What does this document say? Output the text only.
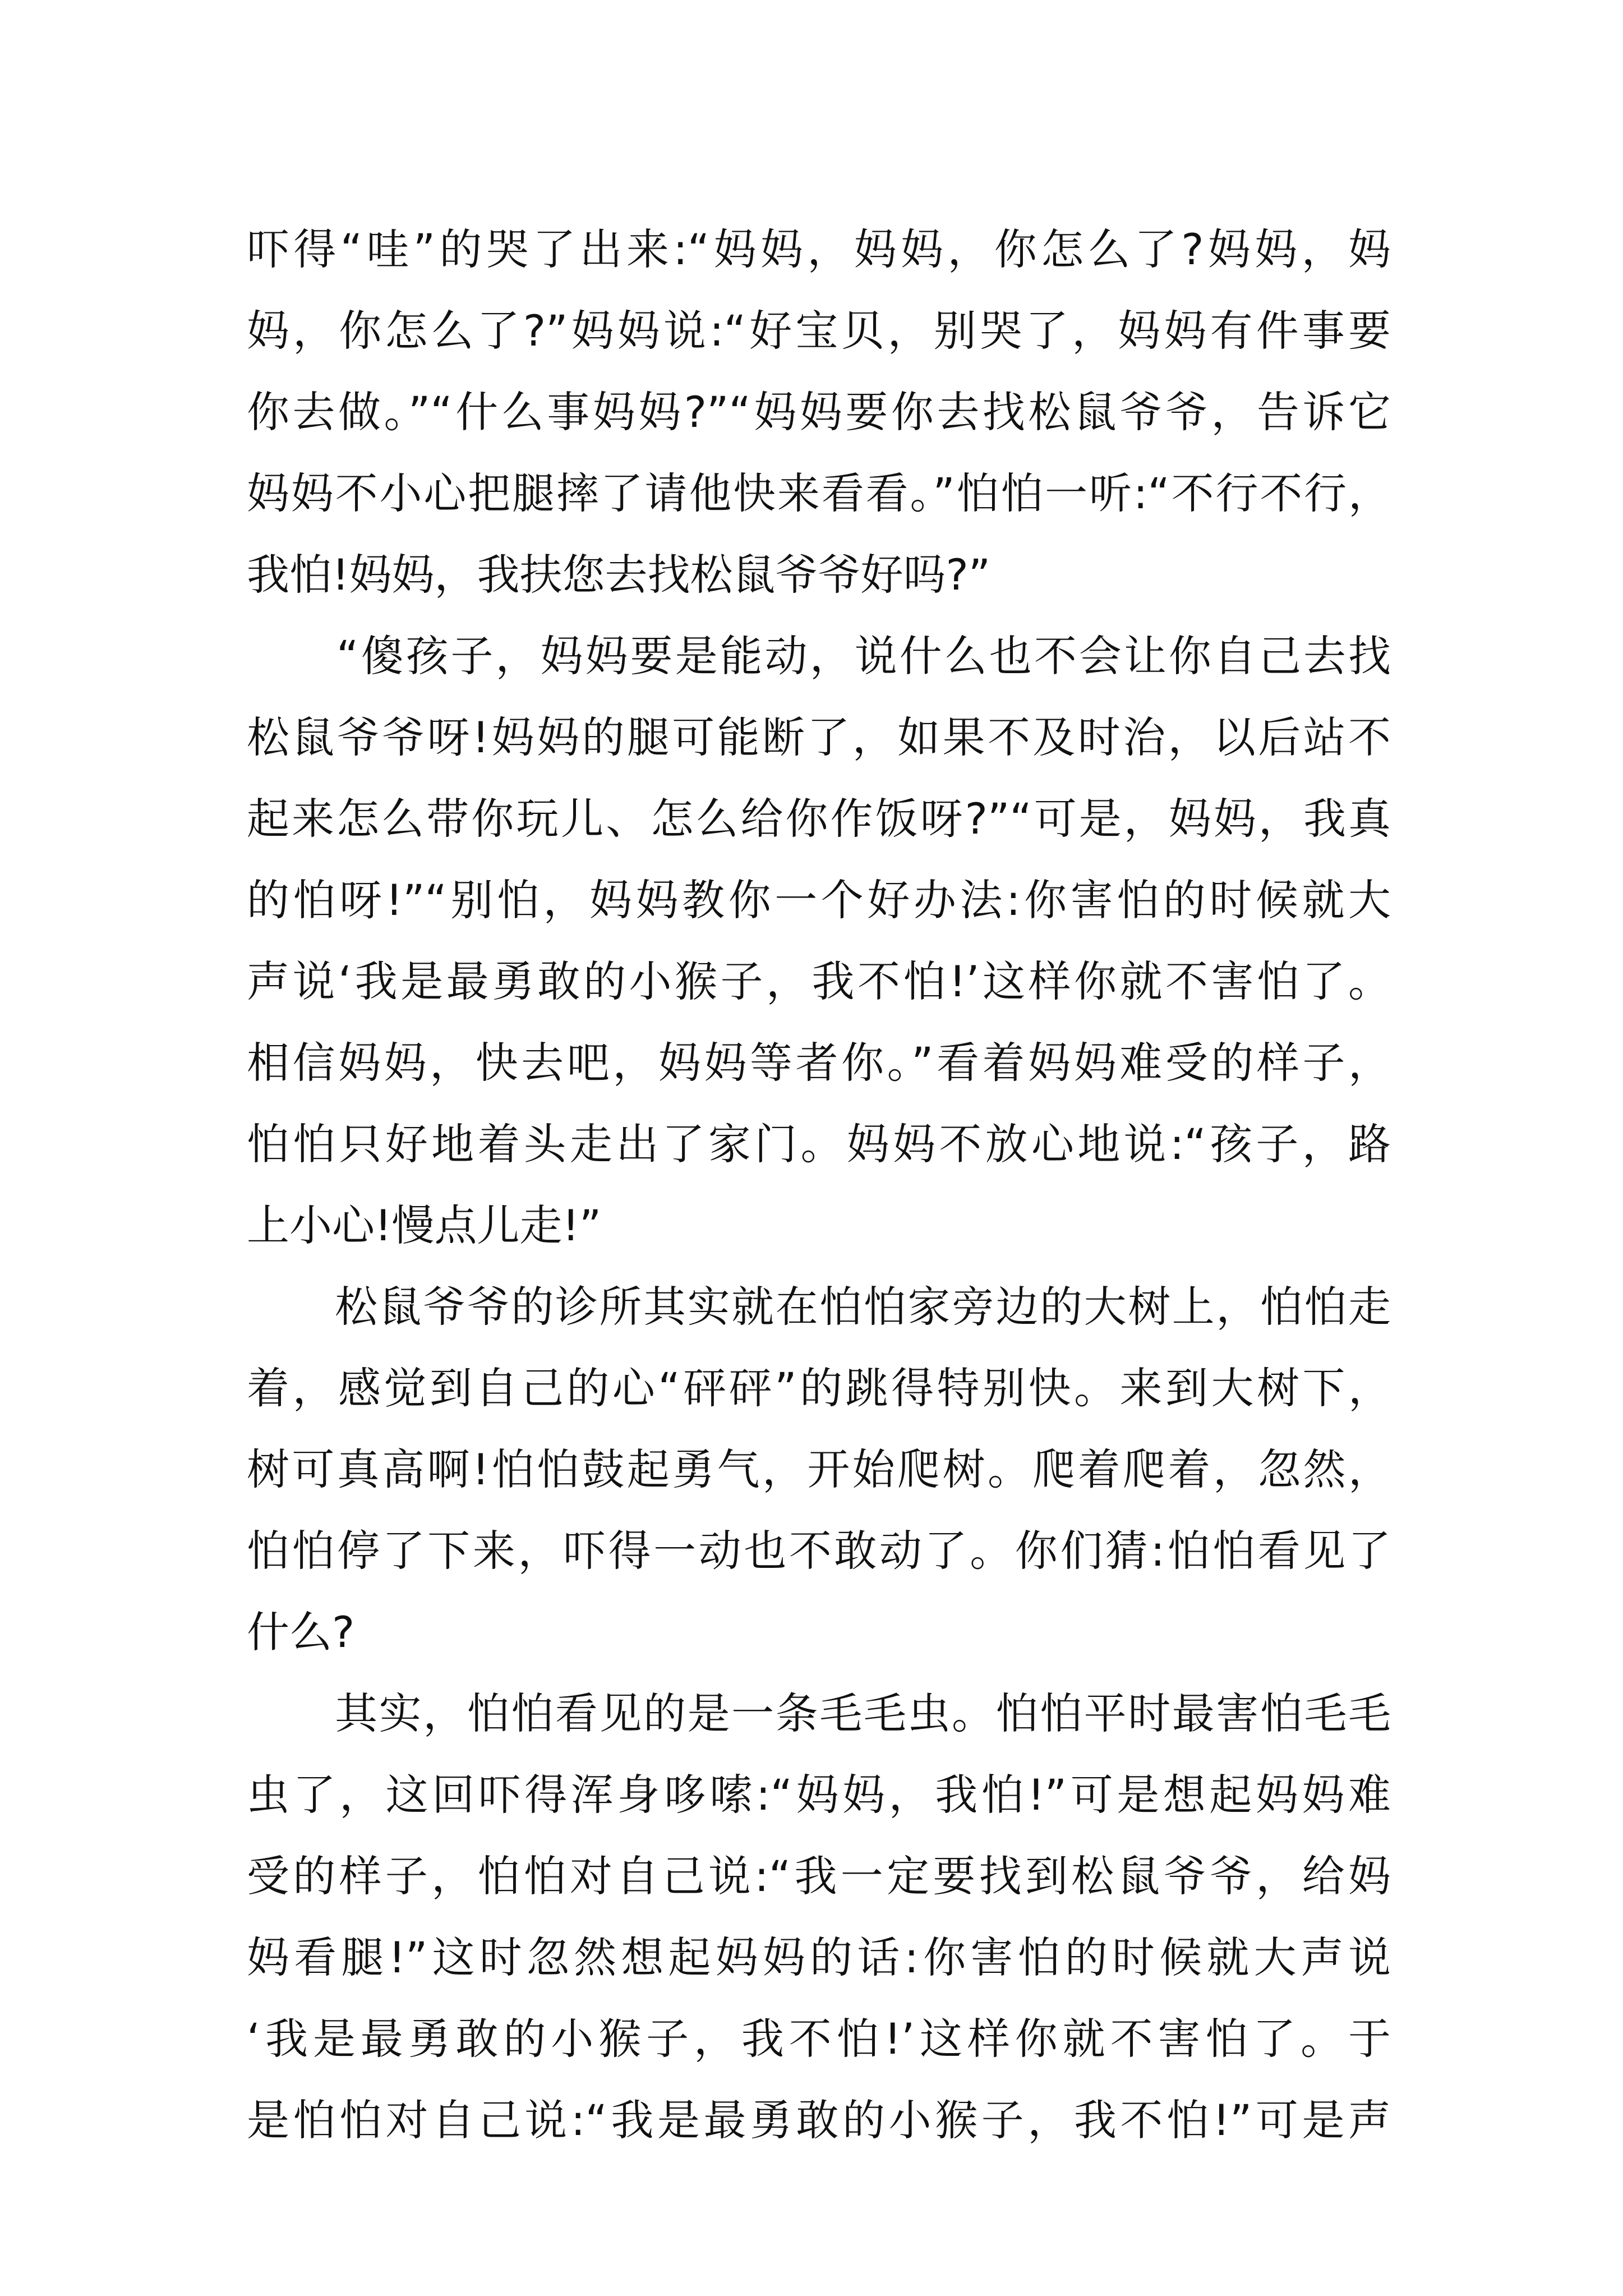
吓得“哇”的哭了出来:“妈妈，妈妈，你怎么了?妈妈，妈
妈，你怎么了?”妈妈说:“好宝贝，别哭了，妈妈有件事要
你去做。”“什么事妈妈?”“妈妈要你去找松鼠爷爷，告诉它
妈妈不小心把腿摔了请他快来看看。”怕怕一听:“不行不行，
我怕!妈妈，我扶您去找松鼠爷爷好吗?”
　　“傻孩子，妈妈要是能动，说什么也不会让你自己去找
松鼠爷爷呀!妈妈的腿可能断了，如果不及时治，以后站不
起来怎么带你玩儿、怎么给你作饭呀?”“可是，妈妈，我真
的怕呀!”“别怕，妈妈教你一个好办法:你害怕的时候就大
声说‘我是最勇敢的小猴子，我不怕!’这样你就不害怕了。
相信妈妈，快去吧，妈妈等者你。”看着妈妈难受的样子，
怕怕只好地着头走出了家门。妈妈不放心地说:“孩子，路
上小心!慢点儿走!”
　　松鼠爷爷的诊所其实就在怕怕家旁边的大树上，怕怕走
着，感觉到自己的心“砰砰”的跳得特别快。来到大树下，
树可真高啊!怕怕鼓起勇气，开始爬树。爬着爬着，忽然，
怕怕停了下来，吓得一动也不敢动了。你们猜:怕怕看见了
什么?
　　其实，怕怕看见的是一条毛毛虫。怕怕平时最害怕毛毛
虫了，这回吓得浑身哆嗦:“妈妈，我怕!”可是想起妈妈难
受的样子，怕怕对自己说:“我一定要找到松鼠爷爷，给妈
妈看腿!”这时忽然想起妈妈的话:你害怕的时候就大声说
‘我是最勇敢的小猴子，我不怕!’这样你就不害怕了。于
是怕怕对自己说:“我是最勇敢的小猴子，我不怕!”可是声
